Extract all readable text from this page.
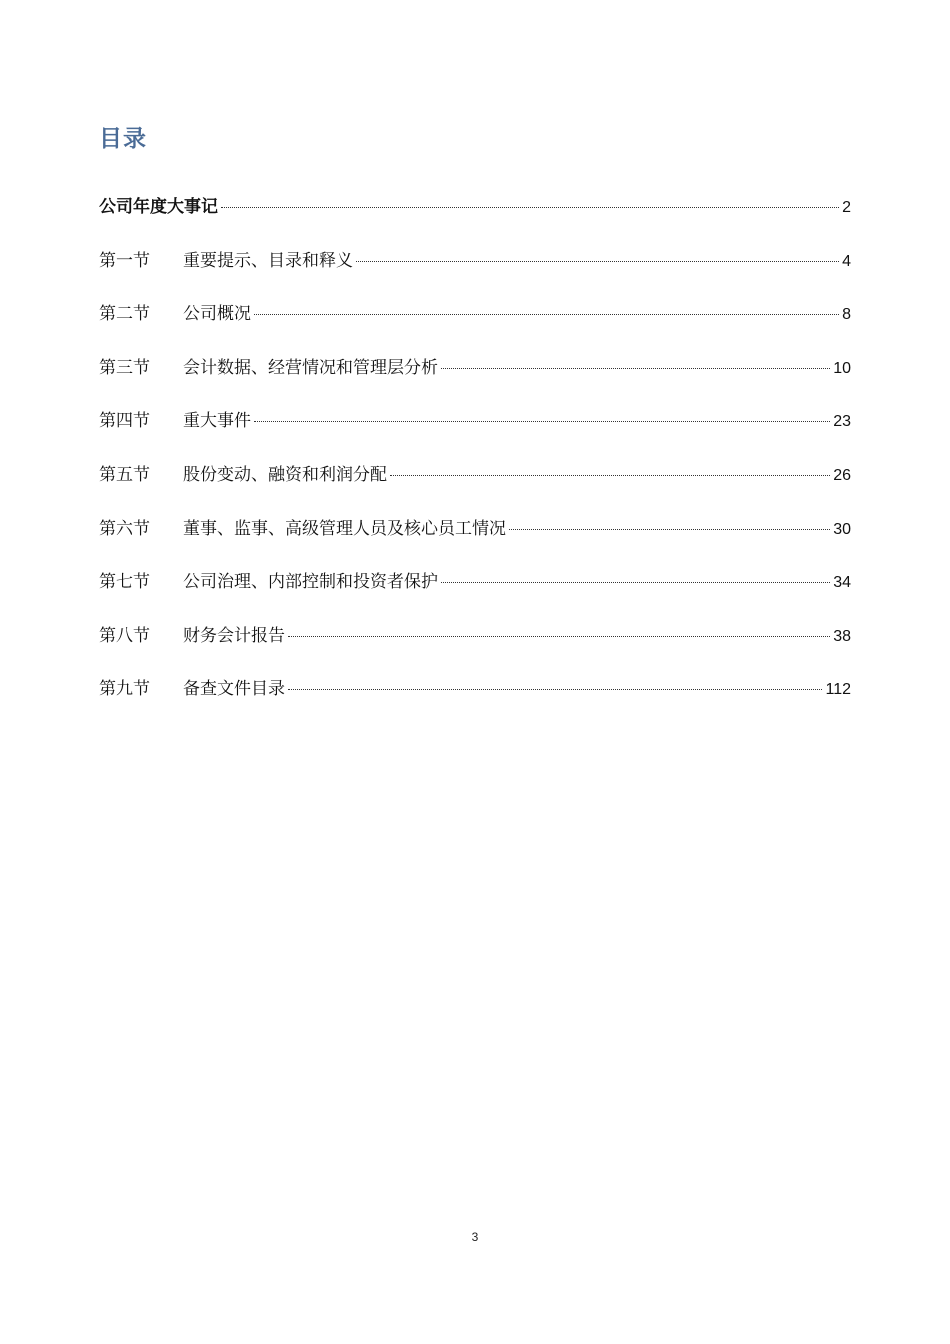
目录
公司年度大事记	2
第一节	重要提示、目录和释义	4
第二节	公司概况	8
第三节	会计数据、经营情况和管理层分析	10
第四节	重大事件	23
第五节	股份变动、融资和利润分配	26
第六节	董事、监事、高级管理人员及核心员工情况	30
第七节	公司治理、内部控制和投资者保护	34
第八节	财务会计报告	38
第九节	备查文件目录	112
3
